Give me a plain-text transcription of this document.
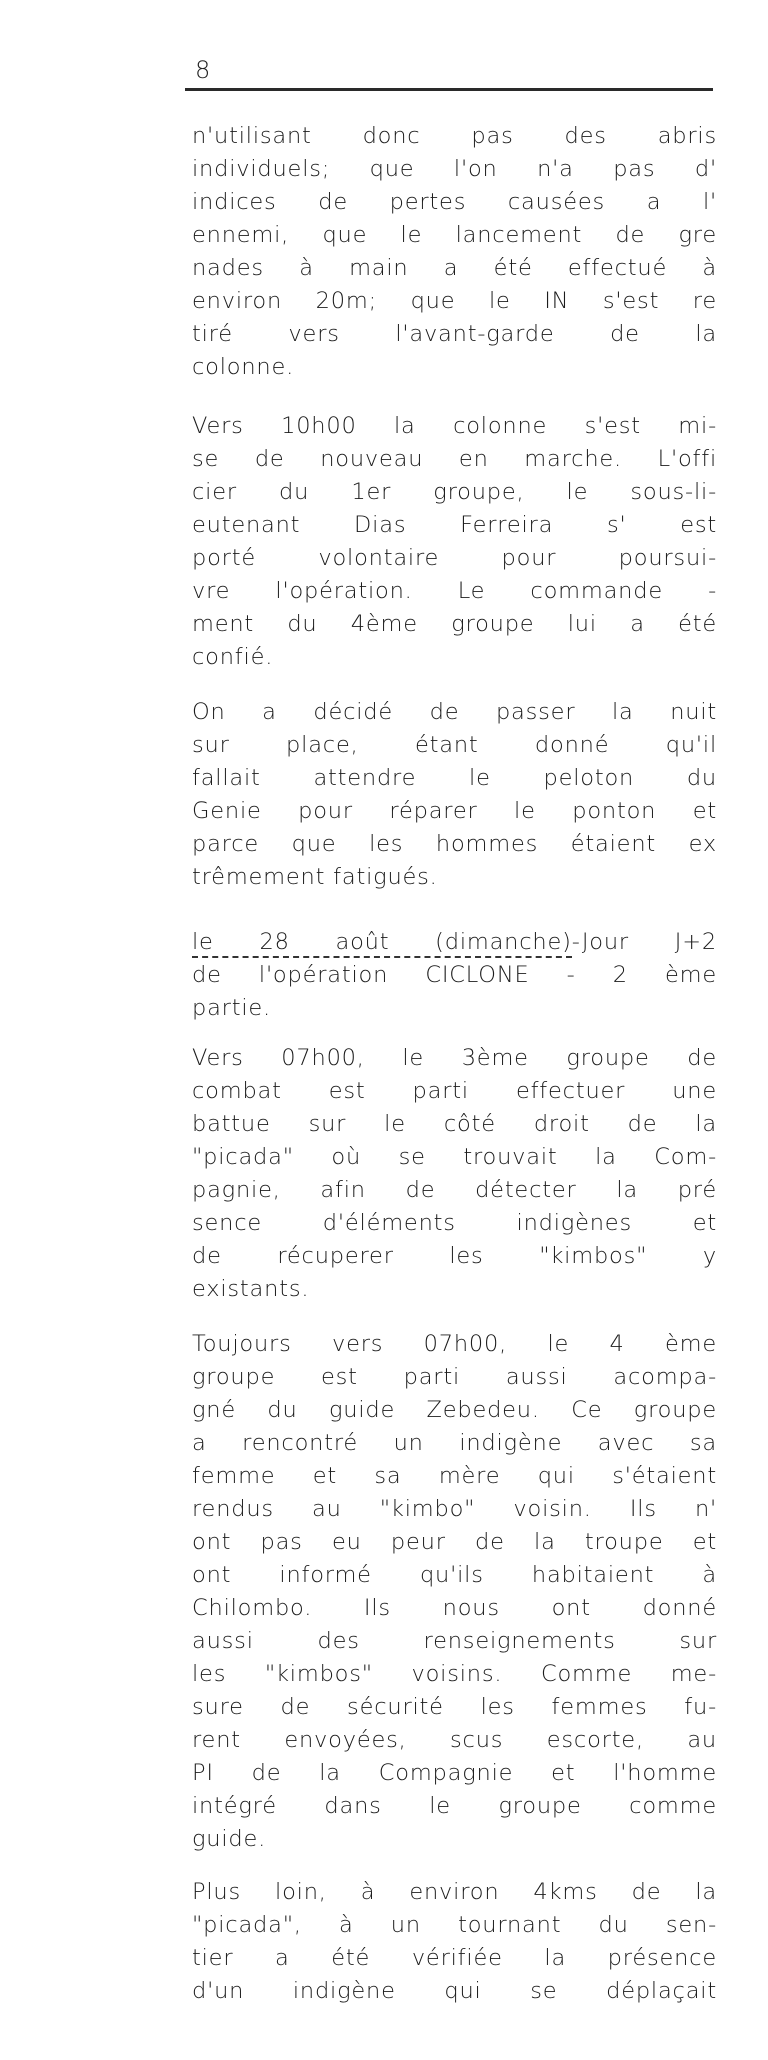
8
n'utilisant donc pas des abris
individuels; que l'on n'a pas d'
indices de pertes causées a l'
ennemi, que le lancement de gre
nades à main a été effectué à
environ 20m; que le IN s'est re
tiré vers l'avant-garde de la
colonne.
Vers 10h00 la colonne s'est mi-
se de nouveau en marche. L'offi
cier du 1er groupe, le sous-li-
eutenant Dias Ferreira s' est
porté volontaire pour poursui-
vre l'opération. Le commande -
ment du 4ème groupe lui a été
confié.
On a décidé de passer la nuit
sur place, étant donné qu'il
fallait attendre le peloton du
Genie pour réparer le ponton et
parce que les hommes étaient ex
trêmement fatigués.
le 28 août (dimanche)-Jour J+2
de l'opération CICLONE - 2 ème
partie.
Vers 07h00, le 3ème groupe de
combat est parti effectuer une
battue sur le côté droit de la
"picada" où se trouvait la Com-
pagnie, afin de détecter la pré
sence d'éléments indigènes et
de récuperer les "kimbos" y
existants.
Toujours vers 07h00, le 4 ème
groupe est parti aussi acompa-
gné du guide Zebedeu. Ce groupe
a rencontré un indigène avec sa
femme et sa mère qui s'étaient
rendus au "kimbo" voisin. Ils n'
ont pas eu peur de la troupe et
ont informé qu'ils habitaient à
Chilombo. Ils nous ont donné
aussi des renseignements sur
les "kimbos" voisins. Comme me-
sure de sécurité les femmes fu-
rent envoyées, scus escorte, au
PI de la Compagnie et l'homme
intégré dans le groupe comme
guide.
Plus loin, à environ 4kms de la
"picada", à un tournant du sen-
tier a été vérifiée la présence
d'un indigène qui se déplaçait
